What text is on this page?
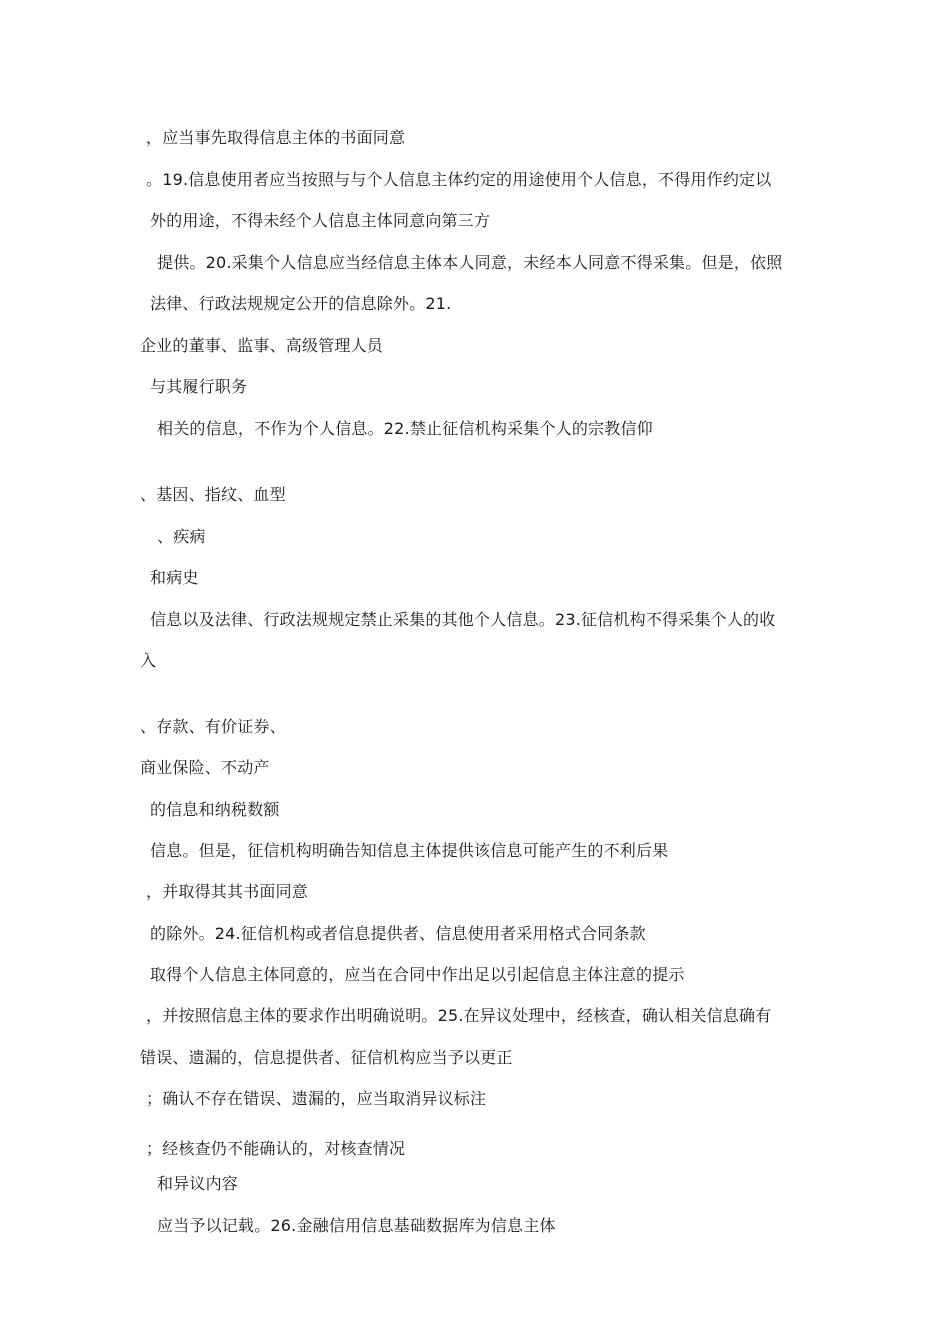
，应当事先取得信息主体的书面同意
。19.信息使用者应当按照与与个人信息主体约定的用途使用个人信息，不得用作约定以
外的用途，不得未经个人信息主体同意向第三方
提供。20.采集个人信息应当经信息主体本人同意，未经本人同意不得采集。但是，依照
法律、行政法规规定公开的信息除外。21.
企业的董事、监事、高级管理人员
与其履行职务
相关的信息，不作为个人信息。22.禁止征信机构采集个人的宗教信仰
、基因、指纹、血型
、疾病
和病史
信息以及法律、行政法规规定禁止采集的其他个人信息。23.征信机构不得采集个人的收
入
、存款、有价证券、
商业保险、不动产
的信息和纳税数额
信息。但是，征信机构明确告知信息主体提供该信息可能产生的不利后果
，并取得其其书面同意
的除外。24.征信机构或者信息提供者、信息使用者采用格式合同条款
取得个人信息主体同意的，应当在合同中作出足以引起信息主体注意的提示
，并按照信息主体的要求作出明确说明。25.在异议处理中，经核查，确认相关信息确有
错误、遗漏的，信息提供者、征信机构应当予以更正
；确认不存在错误、遗漏的，应当取消异议标注
；经核查仍不能确认的，对核查情况
和异议内容
应当予以记载。26.金融信用信息基础数据库为信息主体
